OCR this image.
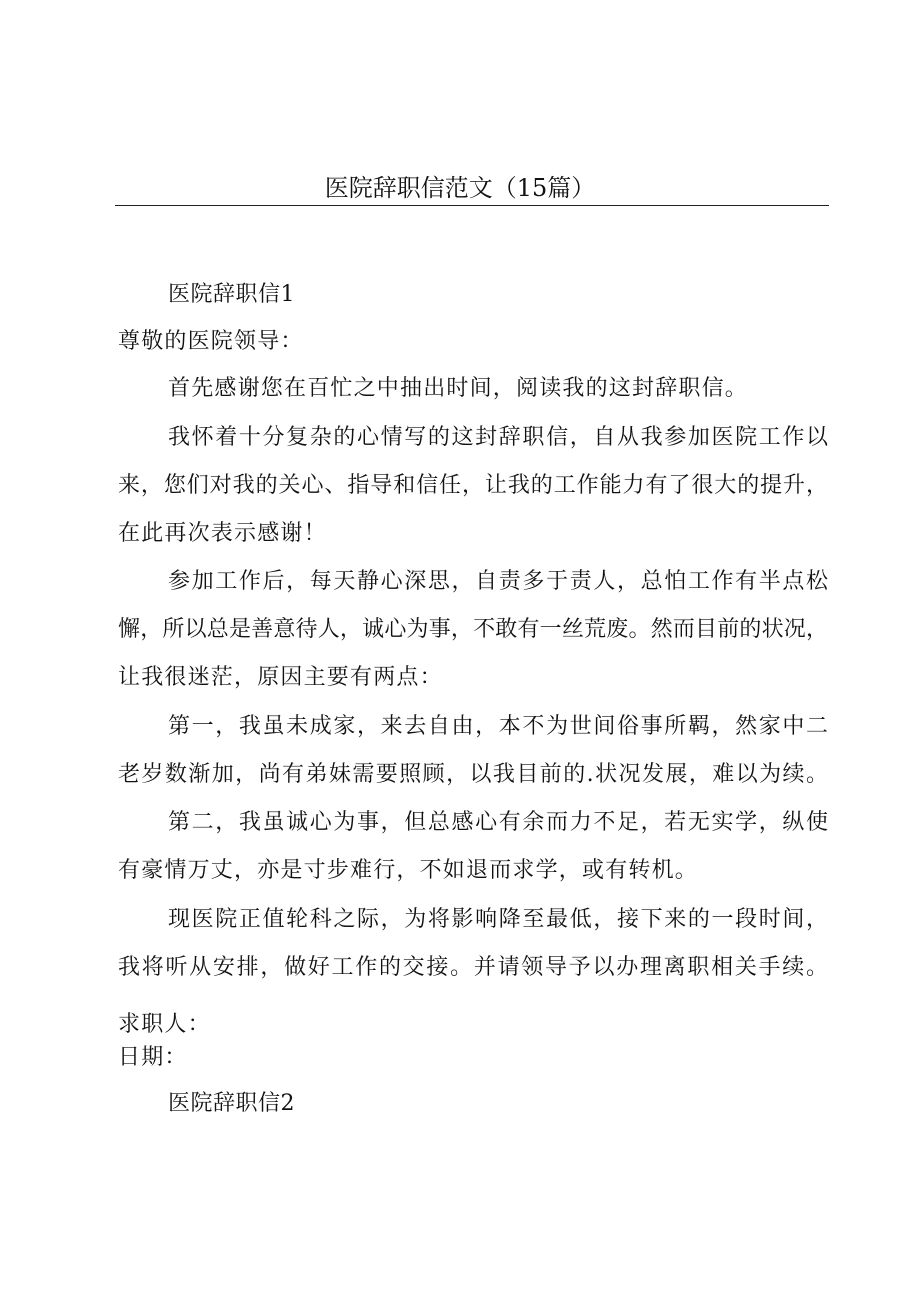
医院辞职信范文（15篇）
医院辞职信1
尊敬的医院领导：
首先感谢您在百忙之中抽出时间，阅读我的这封辞职信。
我怀着十分复杂的心情写的这封辞职信，自从我参加医院工作以
来，您们对我的关心、指导和信任，让我的工作能力有了很大的提升，
在此再次表示感谢！
参加工作后，每天静心深思，自责多于责人，总怕工作有半点松
懈，所以总是善意待人，诚心为事，不敢有一丝荒废。然而目前的状况，
让我很迷茫，原因主要有两点：
第一，我虽未成家，来去自由，本不为世间俗事所羁，然家中二
老岁数渐加，尚有弟妹需要照顾，以我目前的.状况发展，难以为续。
第二，我虽诚心为事，但总感心有余而力不足，若无实学，纵使
有豪情万丈，亦是寸步难行，不如退而求学，或有转机。
现医院正值轮科之际，为将影响降至最低，接下来的一段时间，
我将听从安排，做好工作的交接。并请领导予以办理离职相关手续。
求职人：
日期：
医院辞职信2
